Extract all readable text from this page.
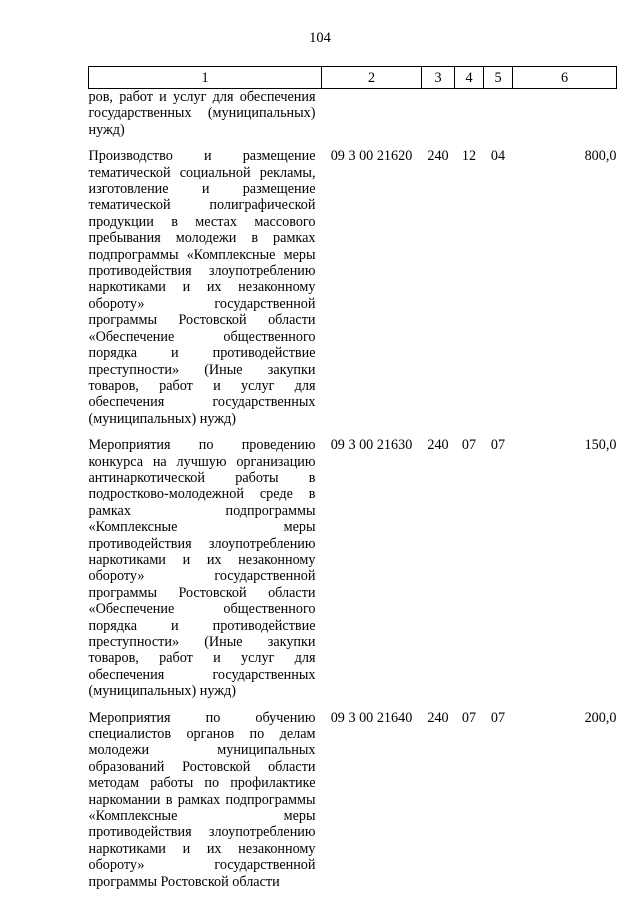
104
1	2	3	4	5	6
ров, работ и услуг для обеспечения государственных (муниципальных) нужд)					
Производство и размещение тематической социальной рекламы, изготовление и размещение тематической полиграфической продукции в местах массового пребывания молодежи в рамках подпрограммы «Комплексные меры противодействия злоупотреблению наркотиками и их незаконному обороту» государственной программы Ростовской области «Обеспечение общественного порядка и противодействие преступности» (Иные закупки товаров, работ и услуг для обеспечения государственных (муниципальных) нужд)	09 3 00 21620	240	12	04	800,0
Мероприятия по проведению конкурса на лучшую организацию антинаркотической работы в подростково-молодежной среде в рамках подпрограммы «Комплексные меры противодействия злоупотреблению наркотиками и их незаконному обороту» государственной программы Ростовской области «Обеспечение общественного порядка и противодействие преступности» (Иные закупки товаров, работ и услуг для обеспечения государственных (муниципальных) нужд)	09 3 00 21630	240	07	07	150,0
Мероприятия по обучению специалистов органов по делам молодежи муниципальных образований Ростовской области методам работы по профилактике наркомании в рамках подпрограммы «Комплексные меры противодействия злоупотреблению наркотиками и их незаконному обороту» государственной программы Ростовской области	09 3 00 21640	240	07	07	200,0
